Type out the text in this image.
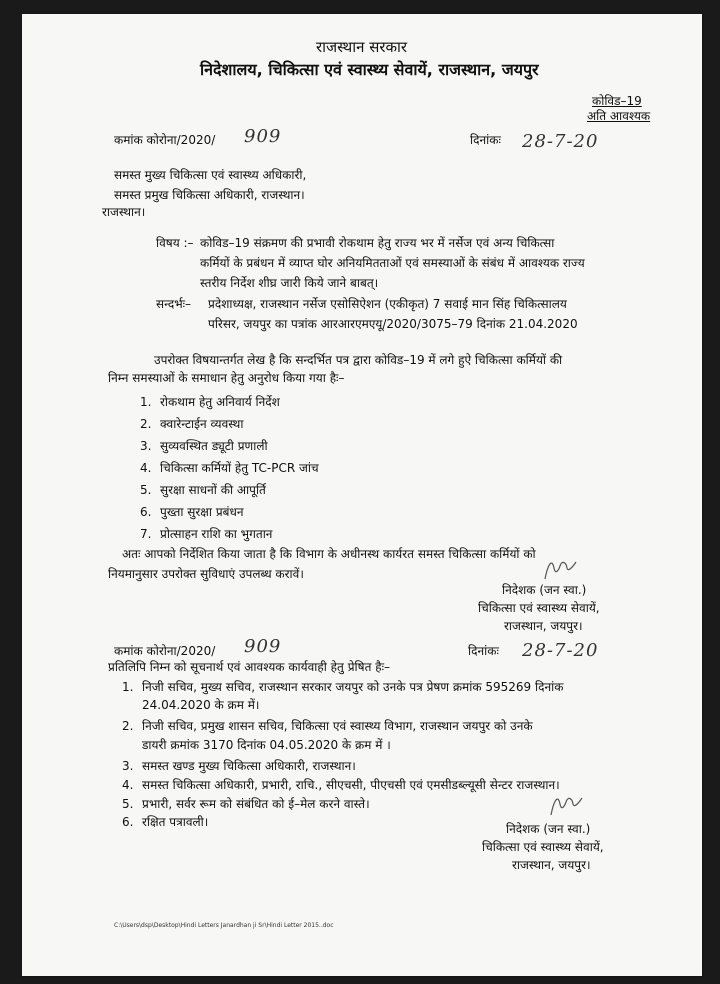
राजस्थान सरकार
निदेशालय, चिकित्सा एवं स्वास्थ्य सेवायें, राजस्थान, जयपुर
कोविड–19
अति आवश्यक
कमांक कोरोना/2020/ 909	दिनांकः 28-7-20
समस्त मुख्य चिकित्सा एवं स्वास्थ्य अधिकारी,
समस्त प्रमुख चिकित्सा अधिकारी, राजस्थान।
राजस्थान।
विषय :– कोविड–19 संक्रमण की प्रभावी रोकथाम हेतु राज्य भर में नर्सेज एवं अन्य चिकित्सा
कर्मियों के प्रबंधन में व्याप्त घोर अनियमितताओं एवं समस्याओं के संबंध में आवश्यक राज्य
स्तरीय निर्देश शीघ्र जारी किये जाने बाबत्।
सन्दर्भः– प्रदेशाध्यक्ष, राजस्थान नर्सेज एसोसिऐशन (एकीकृत) 7 सवाई मान सिंह चिकित्सालय
परिसर, जयपुर का पत्रांक आरआरएमएयू/2020/3075–79 दिनांक 21.04.2020
उपरोक्त विषयान्तर्गत लेख है कि सन्दर्भित पत्र द्वारा कोविड–19 में लगे हुऐ चिकित्सा कर्मियों की
निम्न समस्याओं के समाधान हेतु अनुरोध किया गया हैः–
1. रोकथाम हेतु अनिवार्य निर्देश
2. क्वारेन्टाईन व्यवस्था
3. सुव्यवस्थित ड्यूटी प्रणाली
4. चिकित्सा कर्मियों हेतु TC-PCR जांच
5. सुरक्षा साधनों की आपूर्ति
6. पुख्ता सुरक्षा प्रबंधन
7. प्रोत्साहन राशि का भुगतान
अतः आपको निर्देशित किया जाता है कि विभाग के अधीनस्थ कार्यरत समस्त चिकित्सा कर्मियों को
नियमानुसार उपरोक्त सुविधाएं उपलब्ध करावें।
निदेशक (जन स्वा.)
चिकित्सा एवं स्वास्थ्य सेवायें,
राजस्थान, जयपुर।
कमांक कोरोना/2020/ 909	दिनांकः 28-7-20
प्रतिलिपि निम्न को सूचनार्थ एवं आवश्यक कार्यवाही हेतु प्रेषित हैः–
1. निजी सचिव, मुख्य सचिव, राजस्थान सरकार जयपुर को उनके पत्र प्रेषण क्रमांक 595269 दिनांक
24.04.2020 के क्रम में।
2. निजी सचिव, प्रमुख शासन सचिव, चिकित्सा एवं स्वास्थ्य विभाग, राजस्थान जयपुर को उनके
डायरी क्रमांक 3170 दिनांक 04.05.2020 के क्रम में ।
3. समस्त खण्ड मुख्य चिकित्सा अधिकारी, राजस्थान।
4. समस्त चिकित्सा अधिकारी, प्रभारी, राचि., सीएचसी, पीएचसी एवं एमसीडब्ल्यूसी सेन्टर राजस्थान।
5. प्रभारी, सर्वर रूम को संबंधित को ई–मेल करने वास्ते।
6. रक्षित पत्रावली।	निदेशक (जन स्वा.)
चिकित्सा एवं स्वास्थ्य सेवायें,
राजस्थान, जयपुर।
C:\Users\dsp\Desktop\Hindi Letters Janardhan ji Sr\Hindi Letter 2015..doc
